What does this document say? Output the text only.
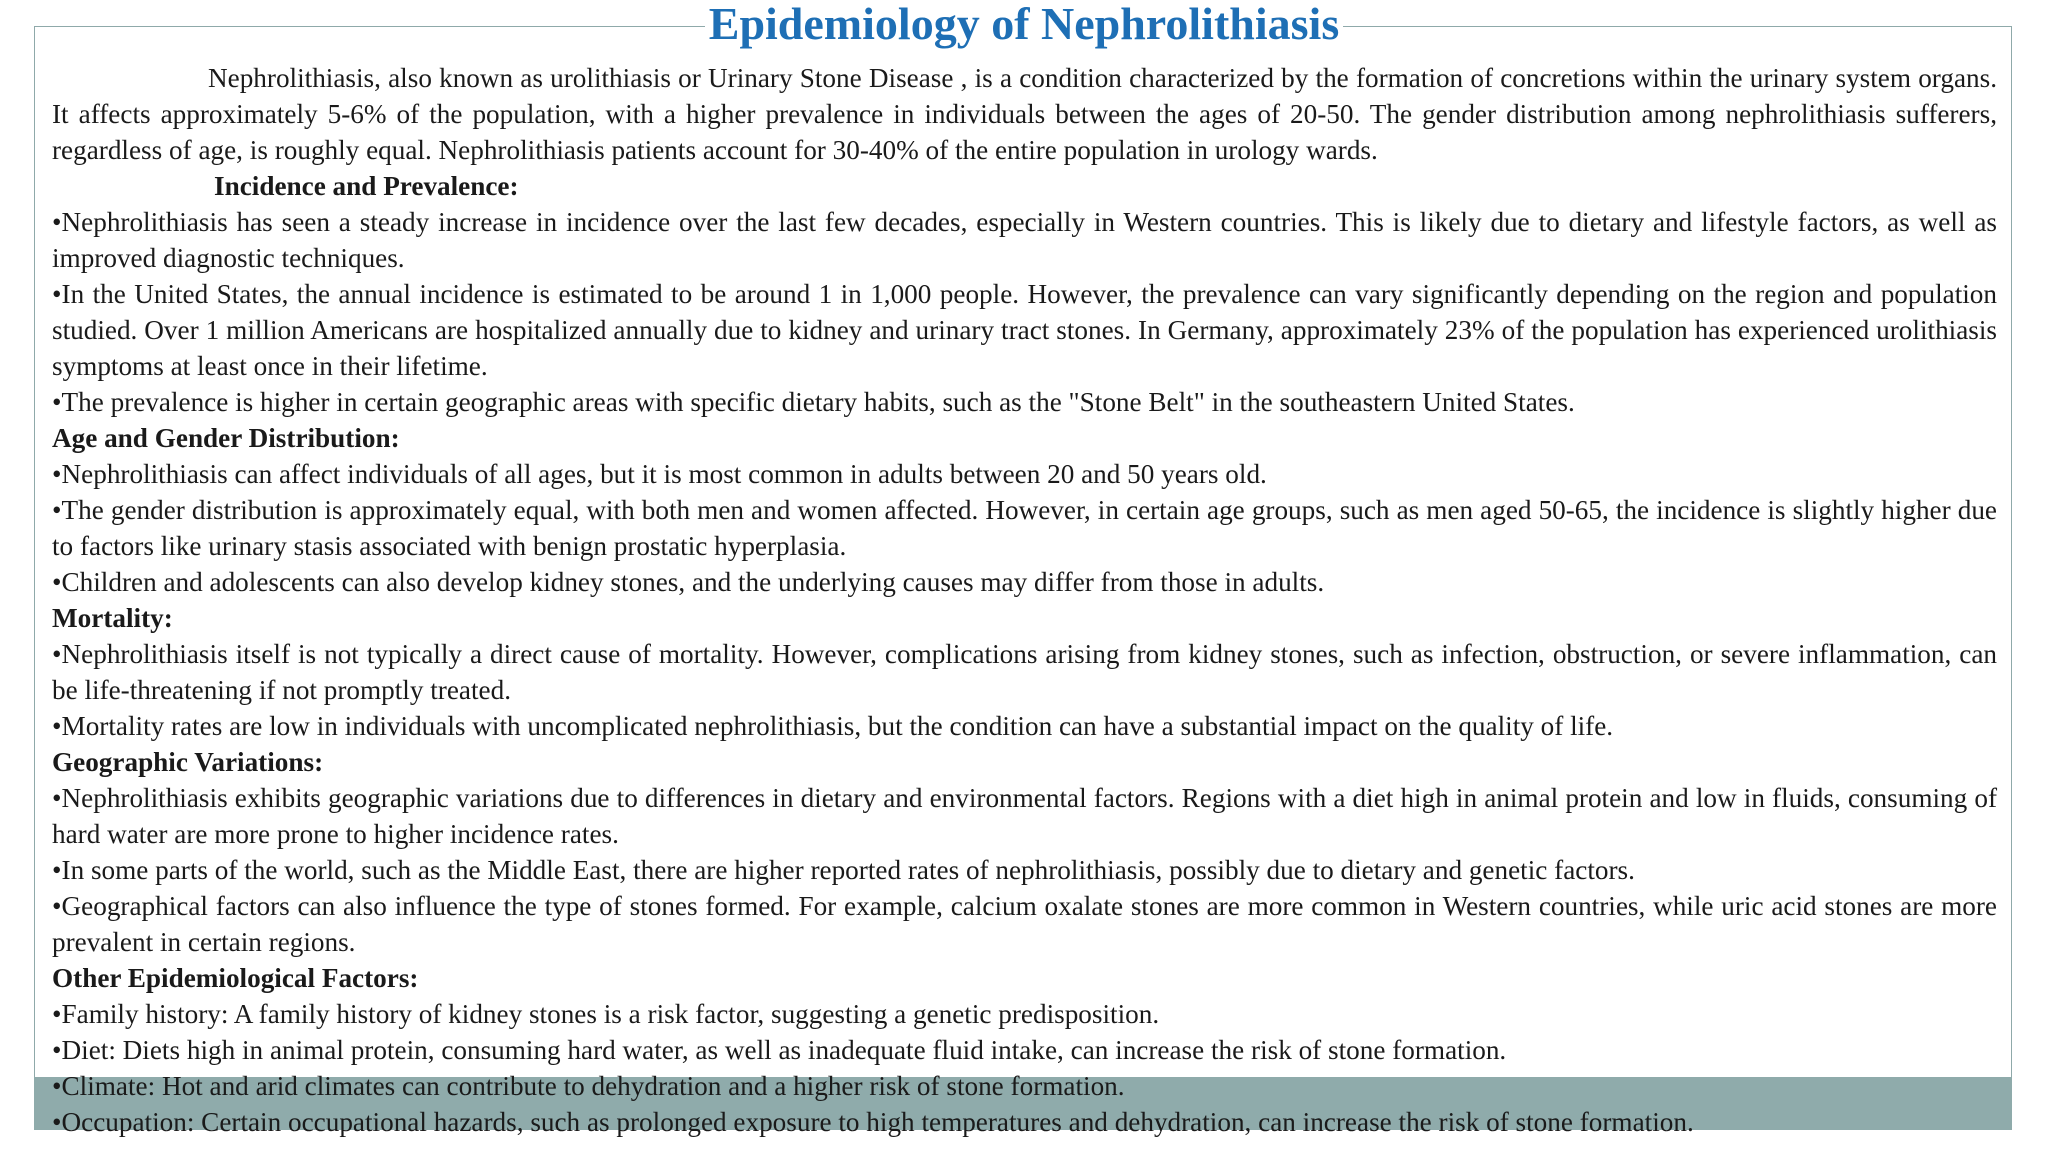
Epidemiology of Nephrolithiasis

Nephrolithiasis, also known as urolithiasis or Urinary Stone Disease , is a condition characterized by the formation of concretions within the urinary system organs. It affects approximately 5-6% of the population, with a higher prevalence in individuals between the ages of 20-50. The gender distribution among nephrolithiasis sufferers, regardless of age, is roughly equal. Nephrolithiasis patients account for 30-40% of the entire population in urology wards.

Incidence and Prevalence:

•Nephrolithiasis has seen a steady increase in incidence over the last few decades, especially in Western countries. This is likely due to dietary and lifestyle factors, as well as improved diagnostic techniques.

•In the United States, the annual incidence is estimated to be around 1 in 1,000 people. However, the prevalence can vary significantly depending on the region and population studied. Over 1 million Americans are hospitalized annually due to kidney and urinary tract stones. In Germany, approximately 23% of the population has experienced urolithiasis symptoms at least once in their lifetime.

•The prevalence is higher in certain geographic areas with specific dietary habits, such as the "Stone Belt" in the southeastern United States.

Age and Gender Distribution:

•Nephrolithiasis can affect individuals of all ages, but it is most common in adults between 20 and 50 years old.

•The gender distribution is approximately equal, with both men and women affected. However, in certain age groups, such as men aged 50-65, the incidence is slightly higher due to factors like urinary stasis associated with benign prostatic hyperplasia.

•Children and adolescents can also develop kidney stones, and the underlying causes may differ from those in adults.

Mortality:

•Nephrolithiasis itself is not typically a direct cause of mortality. However, complications arising from kidney stones, such as infection, obstruction, or severe inflammation, can be life-threatening if not promptly treated.

•Mortality rates are low in individuals with uncomplicated nephrolithiasis, but the condition can have a substantial impact on the quality of life.

Geographic Variations:

•Nephrolithiasis exhibits geographic variations due to differences in dietary and environmental factors. Regions with a diet high in animal protein and low in fluids, consuming of hard water are more prone to higher incidence rates.

•In some parts of the world, such as the Middle East, there are higher reported rates of nephrolithiasis, possibly due to dietary and genetic factors.

•Geographical factors can also influence the type of stones formed. For example, calcium oxalate stones are more common in Western countries, while uric acid stones are more prevalent in certain regions.

Other Epidemiological Factors:

•Family history: A family history of kidney stones is a risk factor, suggesting a genetic predisposition.

•Diet: Diets high in animal protein, consuming hard water, as well as inadequate fluid intake, can increase the risk of stone formation.

•Climate: Hot and arid climates can contribute to dehydration and a higher risk of stone formation.

•Occupation: Certain occupational hazards, such as prolonged exposure to high temperatures and dehydration, can increase the risk of stone formation.
